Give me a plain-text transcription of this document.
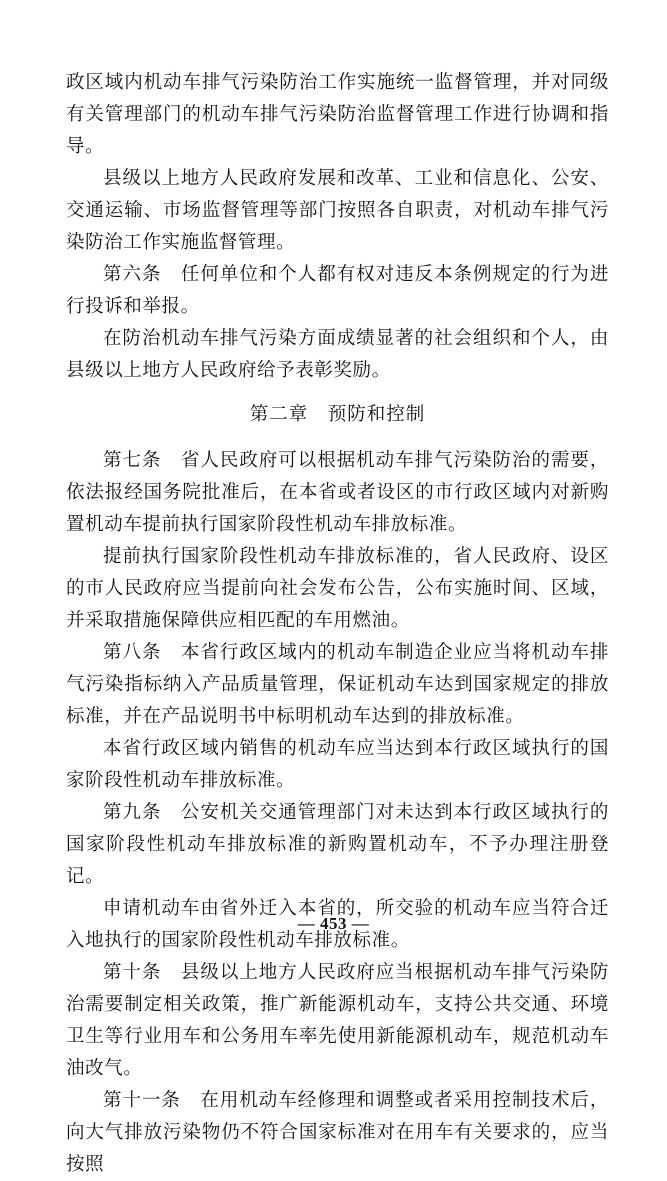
政区域内机动车排气污染防治工作实施统一监督管理，并对同级有关管理部门的机动车排气污染防治监督管理工作进行协调和指导。

县级以上地方人民政府发展和改革、工业和信息化、公安、交通运输、市场监督管理等部门按照各自职责，对机动车排气污染防治工作实施监督管理。

第六条　任何单位和个人都有权对违反本条例规定的行为进行投诉和举报。

在防治机动车排气污染方面成绩显著的社会组织和个人，由县级以上地方人民政府给予表彰奖励。

第二章　预防和控制

第七条　省人民政府可以根据机动车排气污染防治的需要，依法报经国务院批准后，在本省或者设区的市行政区域内对新购置机动车提前执行国家阶段性机动车排放标准。

提前执行国家阶段性机动车排放标准的，省人民政府、设区的市人民政府应当提前向社会发布公告，公布实施时间、区域，并采取措施保障供应相匹配的车用燃油。

第八条　本省行政区域内的机动车制造企业应当将机动车排气污染指标纳入产品质量管理，保证机动车达到国家规定的排放标准，并在产品说明书中标明机动车达到的排放标准。

本省行政区域内销售的机动车应当达到本行政区域执行的国家阶段性机动车排放标准。

第九条　公安机关交通管理部门对未达到本行政区域执行的国家阶段性机动车排放标准的新购置机动车，不予办理注册登记。

申请机动车由省外迁入本省的，所交验的机动车应当符合迁入地执行的国家阶段性机动车排放标准。

第十条　县级以上地方人民政府应当根据机动车排气污染防治需要制定相关政策，推广新能源机动车，支持公共交通、环境卫生等行业用车和公务用车率先使用新能源机动车，规范机动车油改气。

第十一条　在用机动车经修理和调整或者采用控制技术后，向大气排放污染物仍不符合国家标准对在用车有关要求的，应当按照

— 453 —
